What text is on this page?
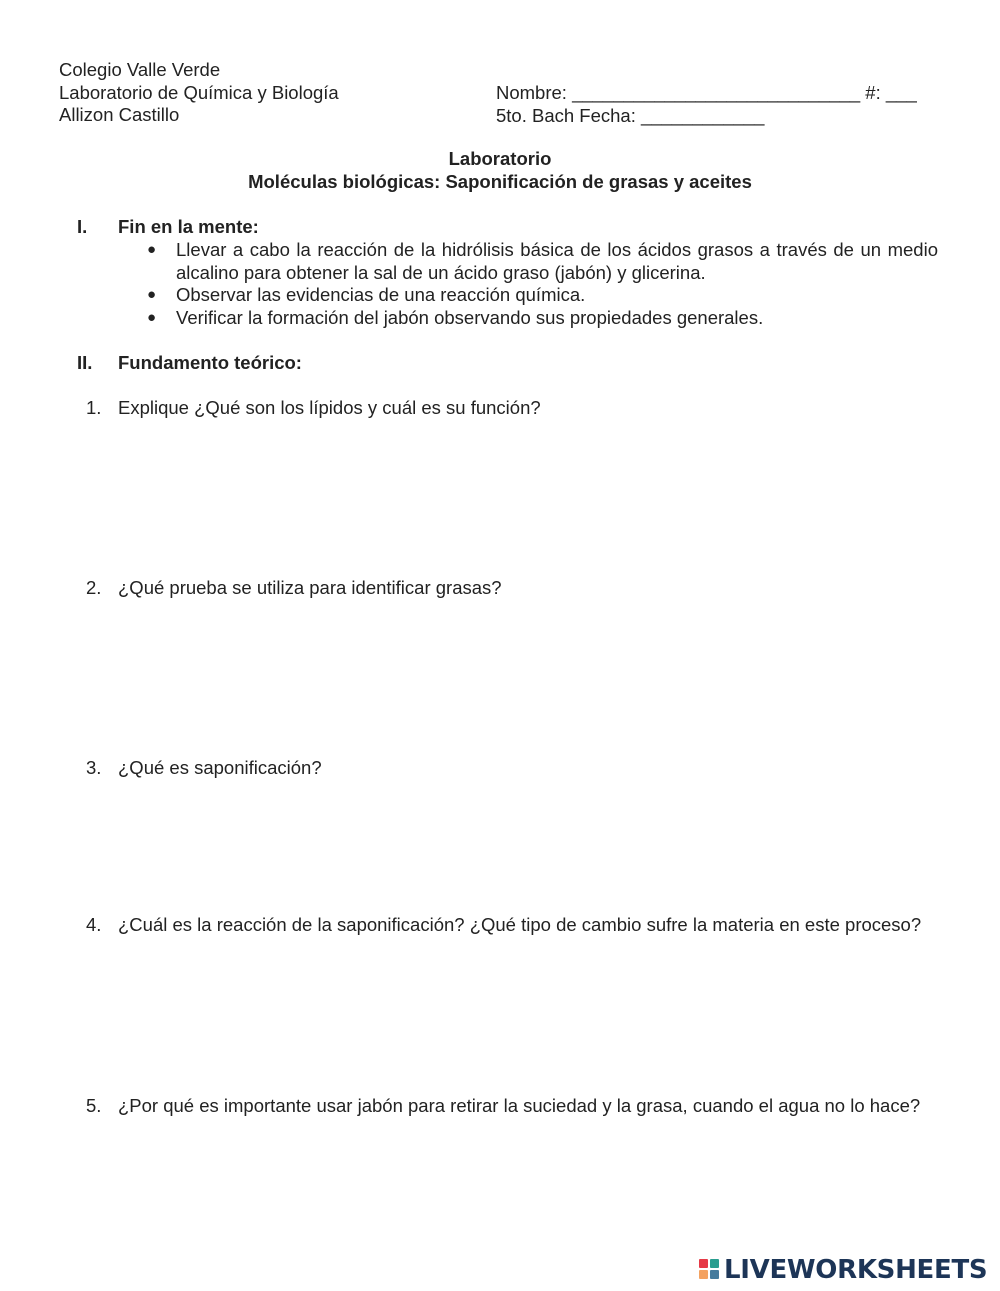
Colegio Valle Verde
Laboratorio de Química y Biología
Allizon Castillo
Nombre: ____________________________ #: ___
5to. Bach Fecha: ____________
Laboratorio
Moléculas biológicas: Saponificación de grasas y aceites
I. Fin en la mente:
● Llevar a cabo la reacción de la hidrólisis básica de los ácidos grasos a través de un medio alcalino para obtener la sal de un ácido graso (jabón) y glicerina.
● Observar las evidencias de una reacción química.
● Verificar la formación del jabón observando sus propiedades generales.
II. Fundamento teórico:
1. Explique ¿Qué son los lípidos y cuál es su función?
2. ¿Qué prueba se utiliza para identificar grasas?
3. ¿Qué es saponificación?
4. ¿Cuál es la reacción de la saponificación? ¿Qué tipo de cambio sufre la materia en este proceso?
5. ¿Por qué es importante usar jabón para retirar la suciedad y la grasa, cuando el agua no lo hace?
LIVEWORKSHEETS
